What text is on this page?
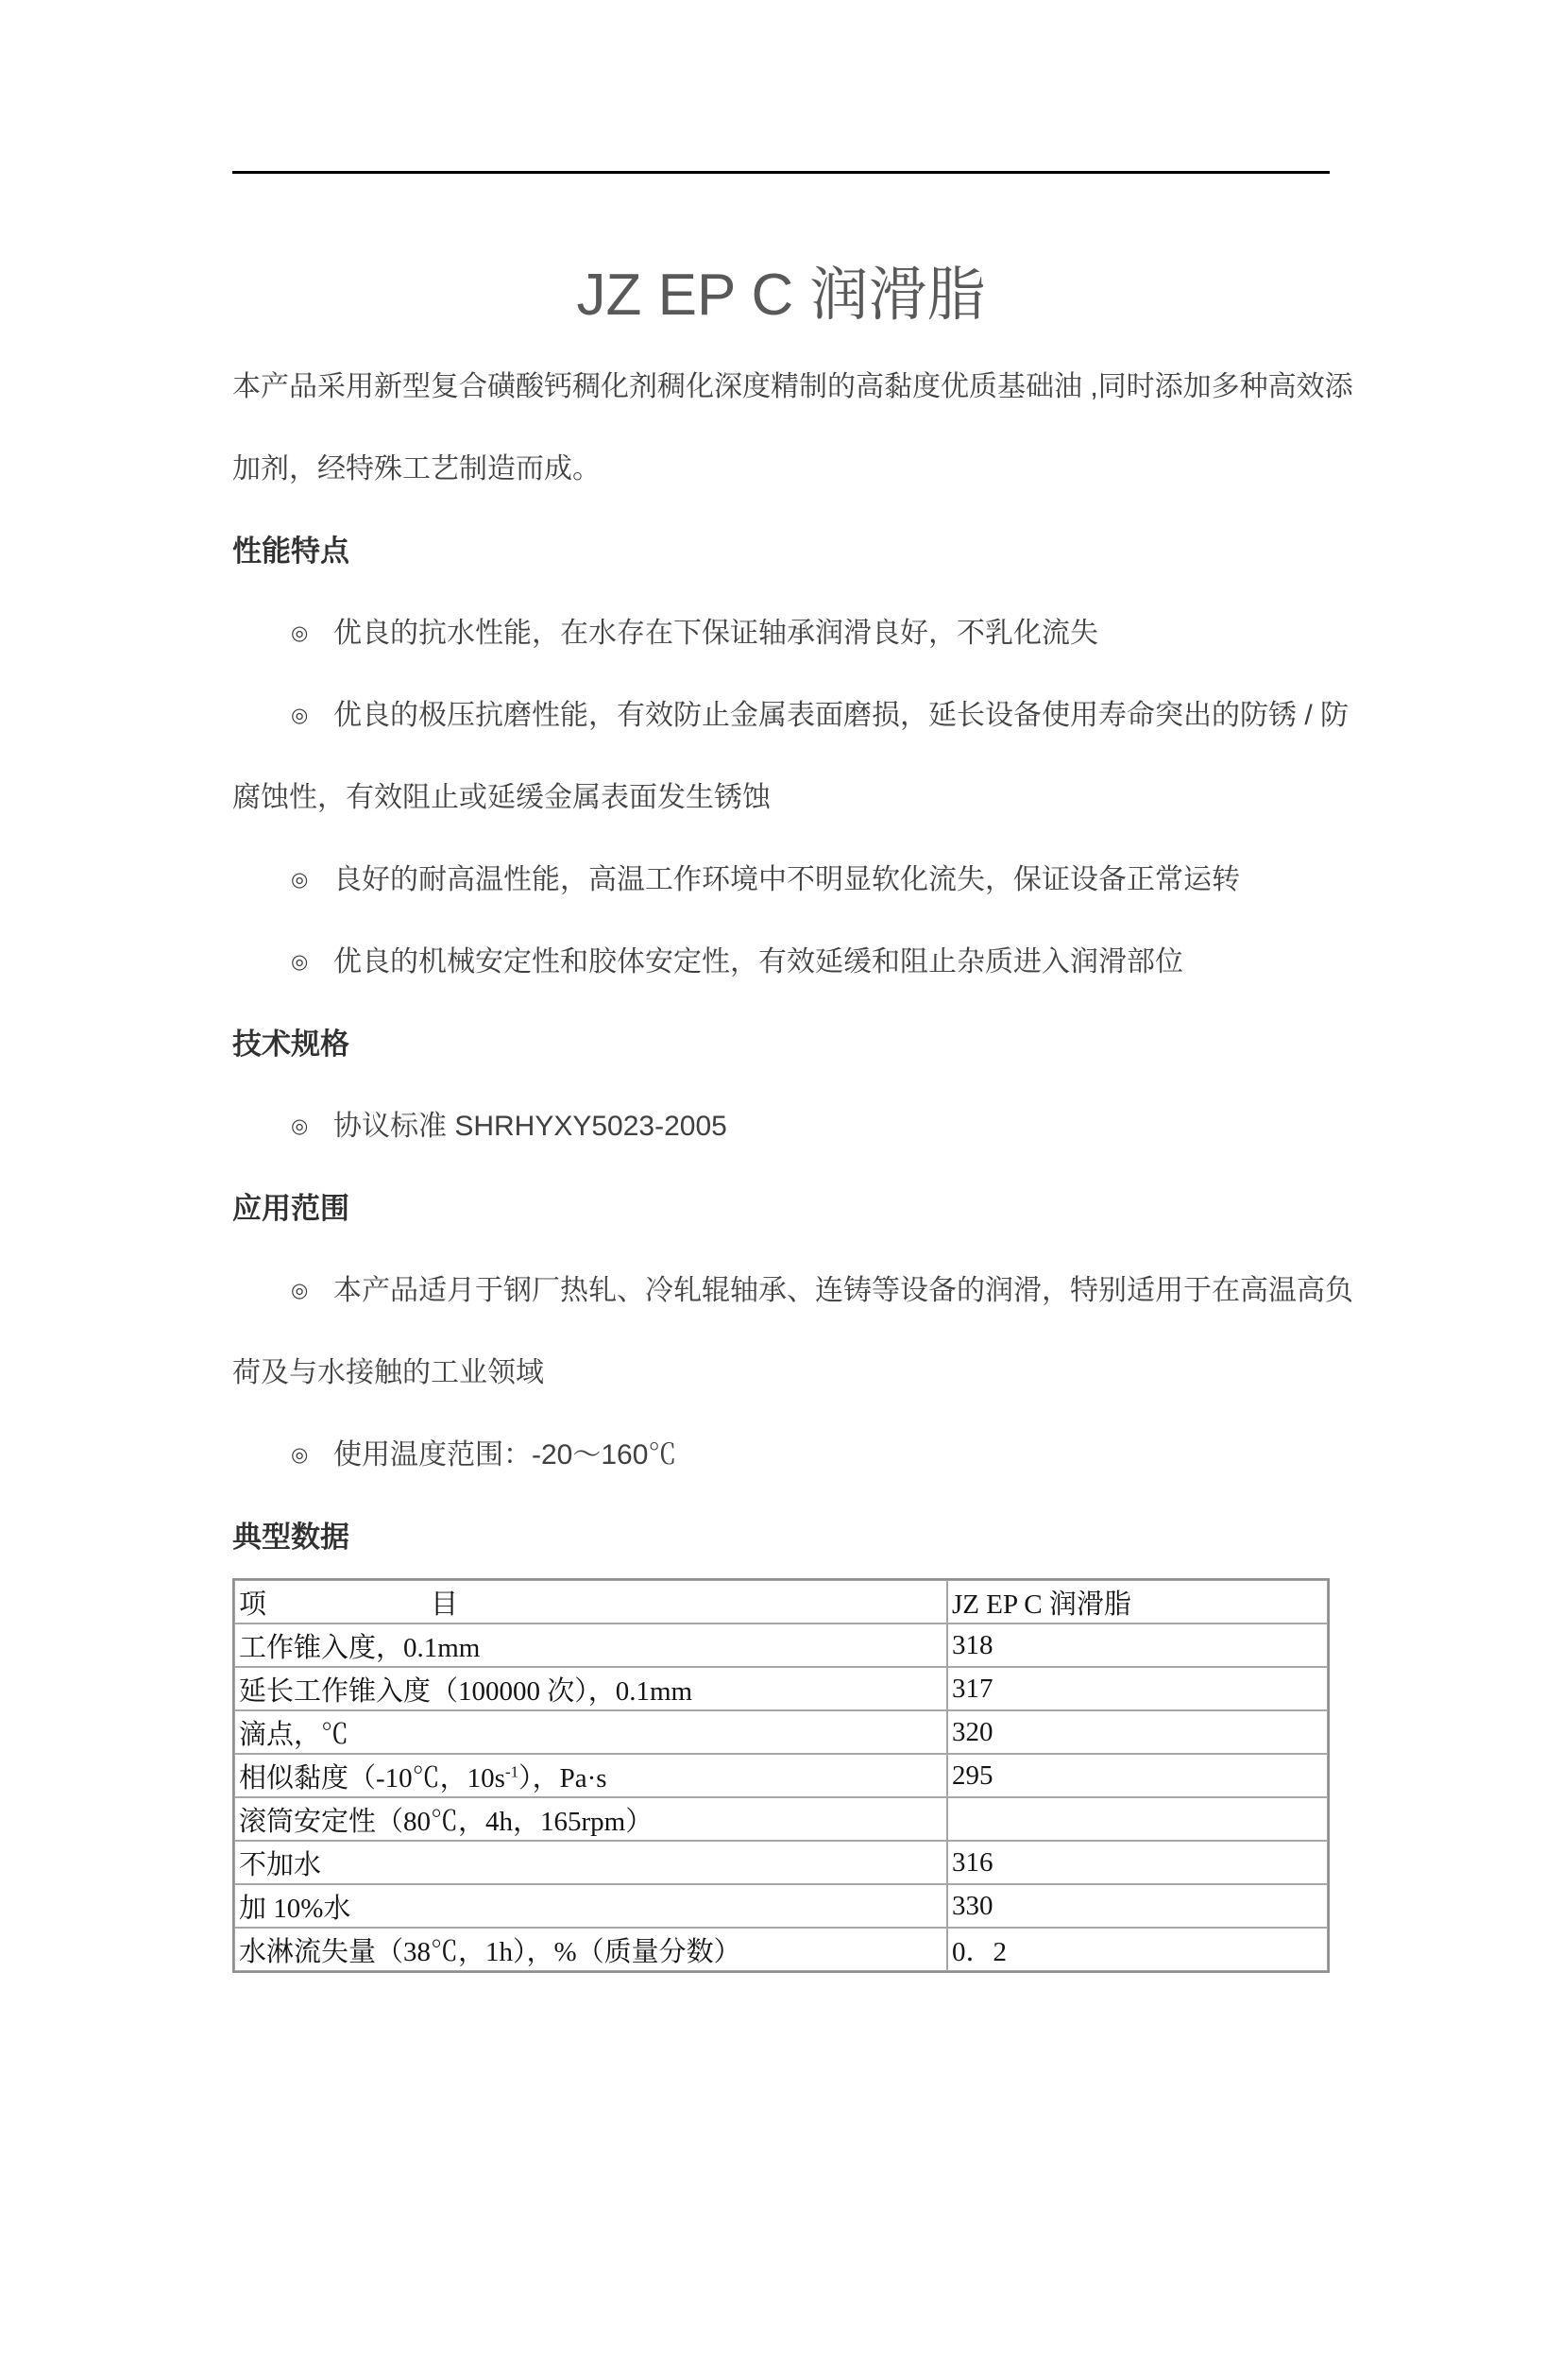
JZ EP C 润滑脂
本产品采用新型复合磺酸钙稠化剂稠化深度精制的高黏度优质基础油 ,同时添加多种高效添
加剂，经特殊工艺制造而成。
性能特点
◎ 优良的抗水性能，在水存在下保证轴承润滑良好，不乳化流失
◎ 优良的极压抗磨性能，有效防止金属表面磨损，延长设备使用寿命突出的防锈 / 防
腐蚀性，有效阻止或延缓金属表面发生锈蚀
◎ 良好的耐高温性能，高温工作环境中不明显软化流失，保证设备正常运转
◎ 优良的机械安定性和胶体安定性，有效延缓和阻止杂质进入润滑部位
技术规格
◎ 协议标准 SHRHYXY5023-2005
应用范围
◎ 本产品适月于钢厂热轧、冷轧辊轴承、连铸等设备的润滑，特别适用于在高温高负
荷及与水接触的工业领域
◎ 使用温度范围：-20～160℃
典型数据
项　　　　　　目	JZ EP C 润滑脂
工作锥入度，0.1mm	318
延长工作锥入度（100000 次），0.1mm	317
滴点，℃	320
相似黏度（-10℃，$10s^{-1}$），Pa·s	295
滚筒安定性（80℃，4h，165rpm）	
不加水	316
加 10%水	330
水淋流失量（38℃，1h），%（质量分数）	0．2
